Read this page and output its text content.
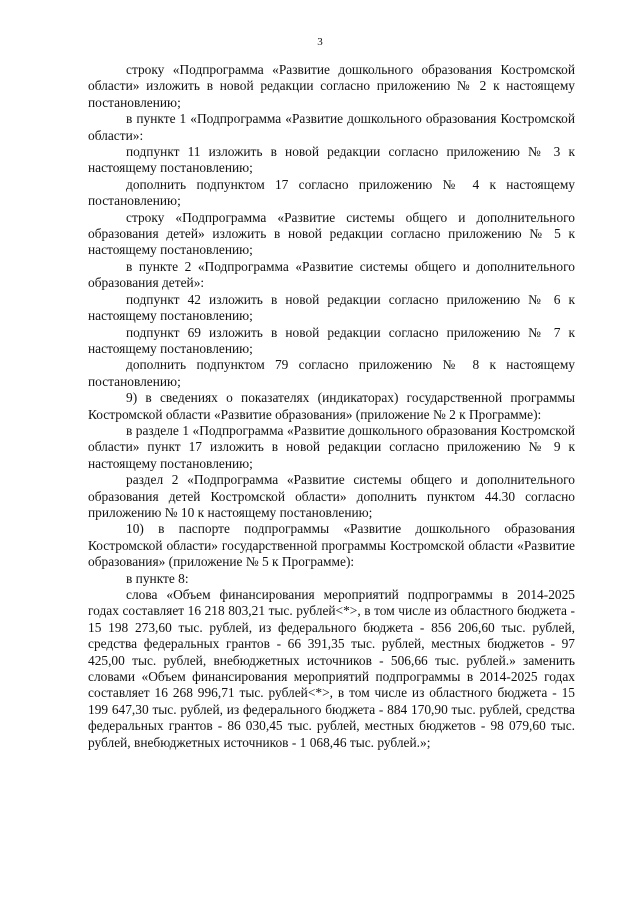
3

строку «Подпрограмма «Развитие дошкольного образования Костромской области» изложить в новой редакции согласно приложению № 2 к настоящему постановлению;

в пункте 1 «Подпрограмма «Развитие дошкольного образования Костромской области»:

подпункт 11 изложить в новой редакции согласно приложению № 3 к настоящему постановлению;

дополнить подпунктом 17 согласно приложению № 4 к настоящему постановлению;

строку «Подпрограмма «Развитие системы общего и дополнительного образования детей» изложить в новой редакции согласно приложению № 5 к настоящему постановлению;

в пункте 2 «Подпрограмма «Развитие системы общего и дополнительного образования детей»:

подпункт 42 изложить в новой редакции согласно приложению № 6 к настоящему постановлению;

подпункт 69 изложить в новой редакции согласно приложению № 7 к настоящему постановлению;

дополнить подпунктом 79 согласно приложению № 8 к настоящему постановлению;

9) в сведениях о показателях (индикаторах) государственной программы Костромской области «Развитие образования» (приложение № 2 к Программе):

в разделе 1 «Подпрограмма «Развитие дошкольного образования Костромской области» пункт 17 изложить в новой редакции согласно приложению № 9 к настоящему постановлению;

раздел 2 «Подпрограмма «Развитие системы общего и дополнительного образования детей Костромской области» дополнить пунктом 44.30 согласно приложению № 10 к настоящему постановлению;

10) в паспорте подпрограммы «Развитие дошкольного образования Костромской области» государственной программы Костромской области «Развитие образования» (приложение № 5 к Программе):

в пункте 8:

слова «Объем финансирования мероприятий подпрограммы в 2014-2025 годах составляет 16 218 803,21 тыс. рублей<*>, в том числе из областного бюджета - 15 198 273,60 тыс. рублей, из федерального бюджета - 856 206,60 тыс. рублей, средства федеральных грантов - 66 391,35 тыс. рублей, местных бюджетов - 97 425,00 тыс. рублей, внебюджетных источников - 506,66 тыс. рублей.» заменить словами «Объем финансирования мероприятий подпрограммы в 2014-2025 годах составляет 16 268 996,71 тыс. рублей<*>, в том числе из областного бюджета - 15 199 647,30 тыс. рублей, из федерального бюджета - 884 170,90 тыс. рублей, средства федеральных грантов - 86 030,45 тыс. рублей, местных бюджетов - 98 079,60 тыс. рублей, внебюджетных источников - 1 068,46 тыс. рублей.»;
